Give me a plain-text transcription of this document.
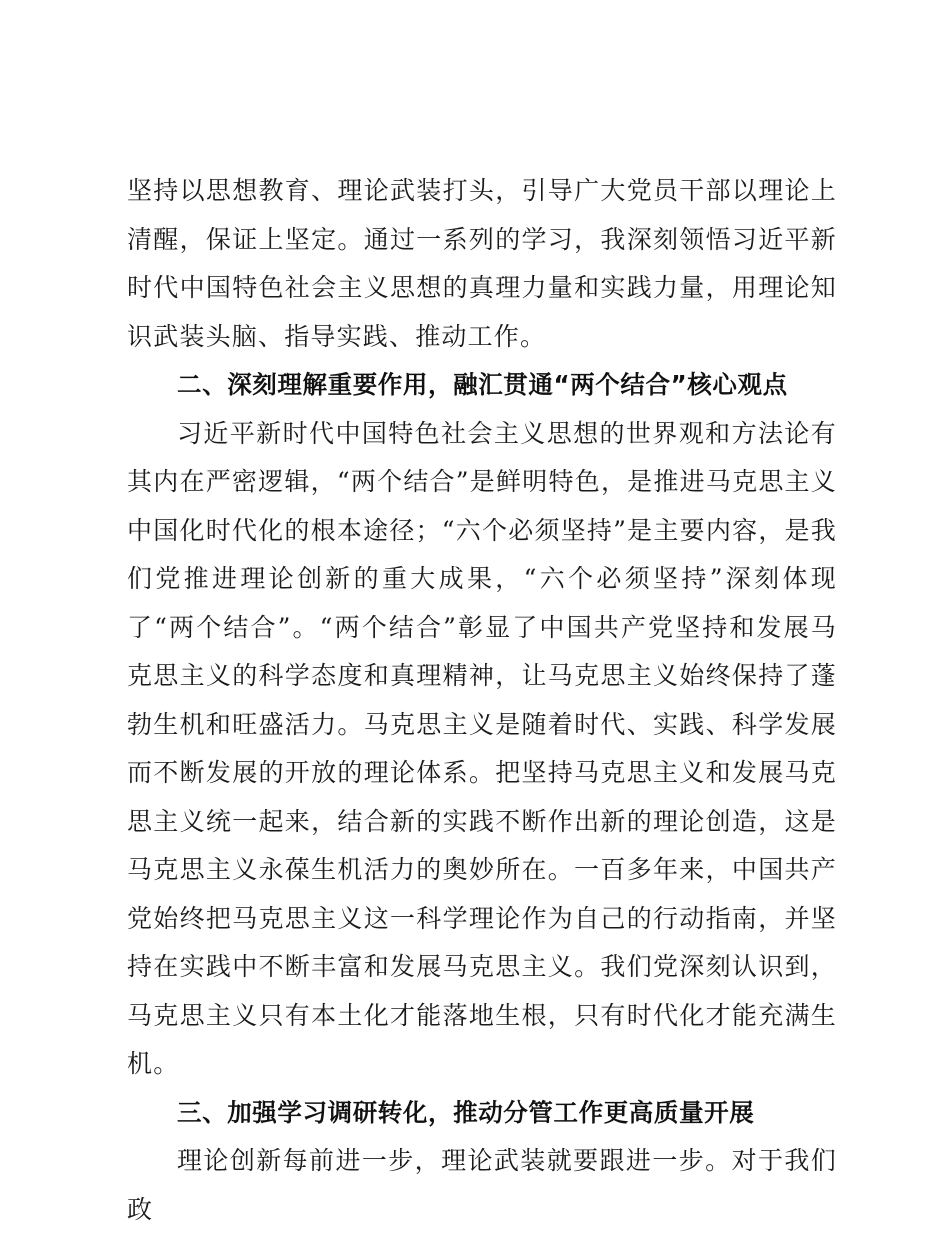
坚持以思想教育、理论武装打头，引导广大党员干部以理论上清醒，保证上坚定。通过一系列的学习，我深刻领悟习近平新时代中国特色社会主义思想的真理力量和实践力量，用理论知识武装头脑、指导实践、推动工作。

二、深刻理解重要作用，融汇贯通“两个结合”核心观点

习近平新时代中国特色社会主义思想的世界观和方法论有其内在严密逻辑，“两个结合”是鲜明特色，是推进马克思主义中国化时代化的根本途径；“六个必须坚持”是主要内容，是我们党推进理论创新的重大成果，“六个必须坚持”深刻体现了“两个结合”。“两个结合”彰显了中国共产党坚持和发展马克思主义的科学态度和真理精神，让马克思主义始终保持了蓬勃生机和旺盛活力。马克思主义是随着时代、实践、科学发展而不断发展的开放的理论体系。把坚持马克思主义和发展马克思主义统一起来，结合新的实践不断作出新的理论创造，这是马克思主义永葆生机活力的奥妙所在。一百多年来，中国共产党始终把马克思主义这一科学理论作为自己的行动指南，并坚持在实践中不断丰富和发展马克思主义。我们党深刻认识到，马克思主义只有本土化才能落地生根，只有时代化才能充满生机。

三、加强学习调研转化，推动分管工作更高质量开展

理论创新每前进一步，理论武装就要跟进一步。对于我们政
